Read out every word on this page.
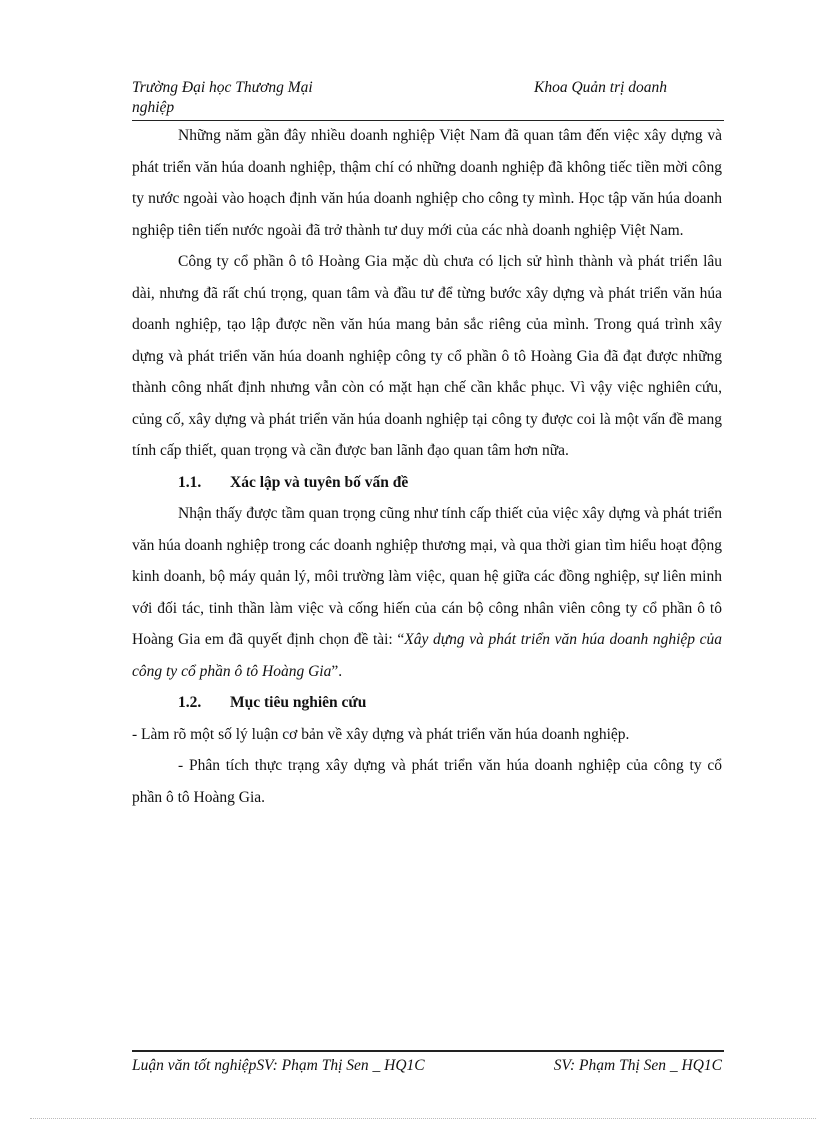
Trường Đại học Thương Mại	Khoa Quản trị doanh
nghiệp

Những năm gần đây nhiều doanh nghiệp Việt Nam đã quan tâm đến việc xây dựng và phát triển văn húa doanh nghiệp, thậm chí có những doanh nghiệp đã không tiếc tiền mời công ty nước ngoài vào hoạch định văn húa doanh nghiệp cho công ty mình. Học tập văn húa doanh nghiệp tiên tiến nước ngoài đã trở thành tư duy mới của các nhà doanh nghiệp Việt Nam.

Công ty cổ phần ô tô Hoàng Gia mặc dù chưa có lịch sử hình thành và phát triển lâu dài, nhưng đã rất chú trọng, quan tâm và đầu tư để từng bước xây dựng và phát triển văn húa doanh nghiệp, tạo lập được nền văn húa mang bản sắc riêng của mình. Trong quá trình xây dựng và phát triển văn húa doanh nghiệp công ty cổ phần ô tô Hoàng Gia đã đạt được những thành công nhất định nhưng vẫn còn có mặt hạn chế cần khắc phục. Vì vậy việc nghiên cứu, củng cố, xây dựng và phát triển văn húa doanh nghiệp tại công ty được coi là một vấn đề mang tính cấp thiết, quan trọng và cần được ban lãnh đạo quan tâm hơn nữa.

1.1. Xác lập và tuyên bố vấn đề

Nhận thấy được tầm quan trọng cũng như tính cấp thiết của việc xây dựng và phát triển văn húa doanh nghiệp trong các doanh nghiệp thương mại, và qua thời gian tìm hiểu hoạt động kinh doanh, bộ máy quản lý, môi trường làm việc, quan hệ giữa các đồng nghiệp, sự liên minh với đối tác, tinh thần làm việc và cống hiến của cán bộ công nhân viên công ty cổ phần ô tô Hoàng Gia em đã quyết định chọn đề tài: “Xây dựng và phát triển văn húa doanh nghiệp của công ty cổ phần ô tô Hoàng Gia”.

1.2. Mục tiêu nghiên cứu

- Làm rõ một số lý luận cơ bản về xây dựng và phát triển văn húa doanh nghiệp.

- Phân tích thực trạng xây dựng và phát triển văn húa doanh nghiệp của công ty cổ phần ô tô Hoàng Gia.

Luận văn tốt nghiệpSV: Phạm Thị Sen _ HQ1C	SV: Phạm Thị Sen _ HQ1C
